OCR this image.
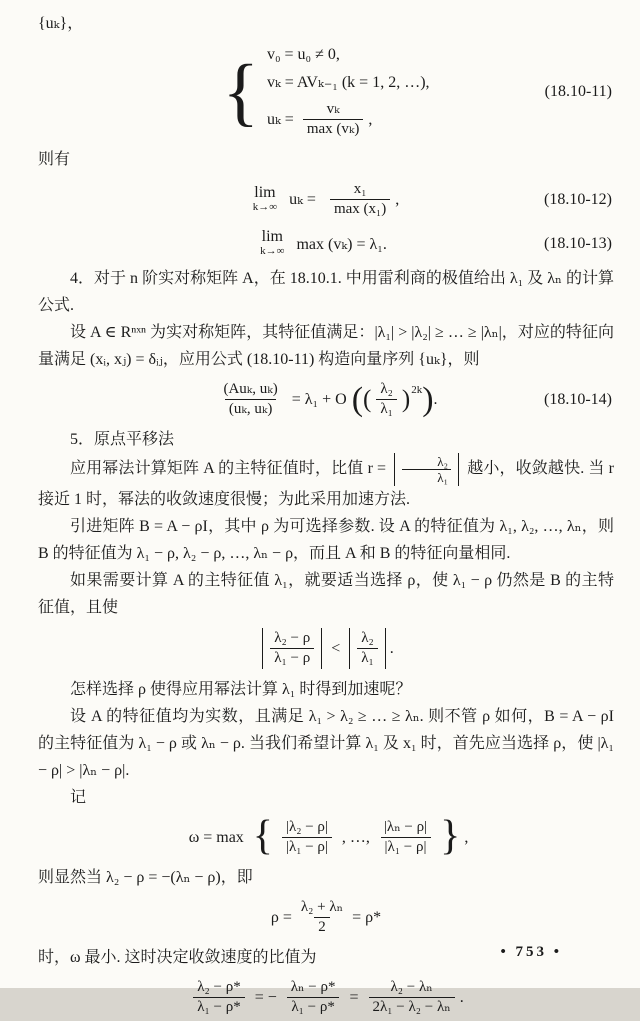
{uₖ}，

{ v₀ = u₀ ≠ 0,
vₖ = AVₖ₋₁ (k = 1, 2, …),
$u_k = \frac{\text{vₖ}}{\text{max (vₖ)}}$ ,
(18.10-11)

则有

lim
k→∞ $u_k = \frac{\text{x₁}}{\text{max (x₁)}}$ ,	(18.10-12)
lim
k→∞ max (vₖ) = λ₁.	(18.10-13)

4．对于 n 阶实对称矩阵 A，在 18.10.1. 中用雷利商的极值给出 λ₁ 及 λₙ 的计算公式.

设 A ∈ Rⁿˣⁿ 为实对称矩阵，其特征值满足：|λ₁| > |λ₂| ≥ … ≥ |λₙ|，对应的特征向量满足 (xᵢ, xⱼ) = δᵢⱼ，应用公式 (18.10-11) 构造向量序列 {uₖ}，则

$\frac{\text{(Auₖ, uₖ)}}{\text{(uₖ, uₖ)}} = \lambda_1 + O$ ( ( $\frac{\text{λ₂}}{\text{λ₁}} )^{2k}$ ) .	(18.10-14)

5．原点平移法

应用幂法计算矩阵 A 的主特征值时，比值 $r = \frac{\text{λ₂}}{\text{λ₁}}$ 越小，收敛越快. 当 r 接近 1 时，幂法的收敛速度很慢；为此采用加速方法.

引进矩阵 B = A − ρI，其中 ρ 为可选择参数. 设 A 的特征值为 λ₁, λ₂, …, λₙ，则 B 的特征值为 λ₁ − ρ, λ₂ − ρ, …, λₙ − ρ，而且 A 和 B 的特征向量相同.

如果需要计算 A 的主特征值 λ₁，就要适当选择 ρ，使 λ₁ − ρ 仍然是 B 的主特征值，且使

$\frac{\text{λ₂ − ρ}}{\text{λ₁ − ρ}} < \frac{\text{λ₂}}{\text{λ₁}}$ .

怎样选择 ρ 使得应用幂法计算 λ₁ 时得到加速呢？

设 A 的特征值均为实数，且满足 λ₁ > λ₂ ≥ … ≥ λₙ. 则不管 ρ 如何，B = A − ρI 的主特征值为 λ₁ − ρ 或 λₙ − ρ. 当我们希望计算 λ₁ 及 x₁ 时，首先应当选择 ρ，使 |λ₁ − ρ| > |λₙ − ρ|.

记

ω = max { $\frac{\text{|λ₂ − ρ|}}{\text{|λ₁ − ρ|}}$ , …, $\frac{\text{|λₙ − ρ|}}{\text{|λ₁ − ρ|}}$ } ,

则显然当 λ₂ − ρ = −(λₙ − ρ)，即

$\rho = \frac{\text{λ₂ + λₙ}}{2} = \rho*$

时，ω 最小. 这时决定收敛速度的比值为

$\frac{\text{λ₂ − ρ*}}{\text{λ₁ − ρ*}}$ = − $\frac{\text{λₙ − ρ*}}{\text{λ₁ − ρ*}} = \frac{\text{λ₂ − λₙ}}{\text{2λ₁ − λ₂ − λₙ}}$ .
• 753 •
